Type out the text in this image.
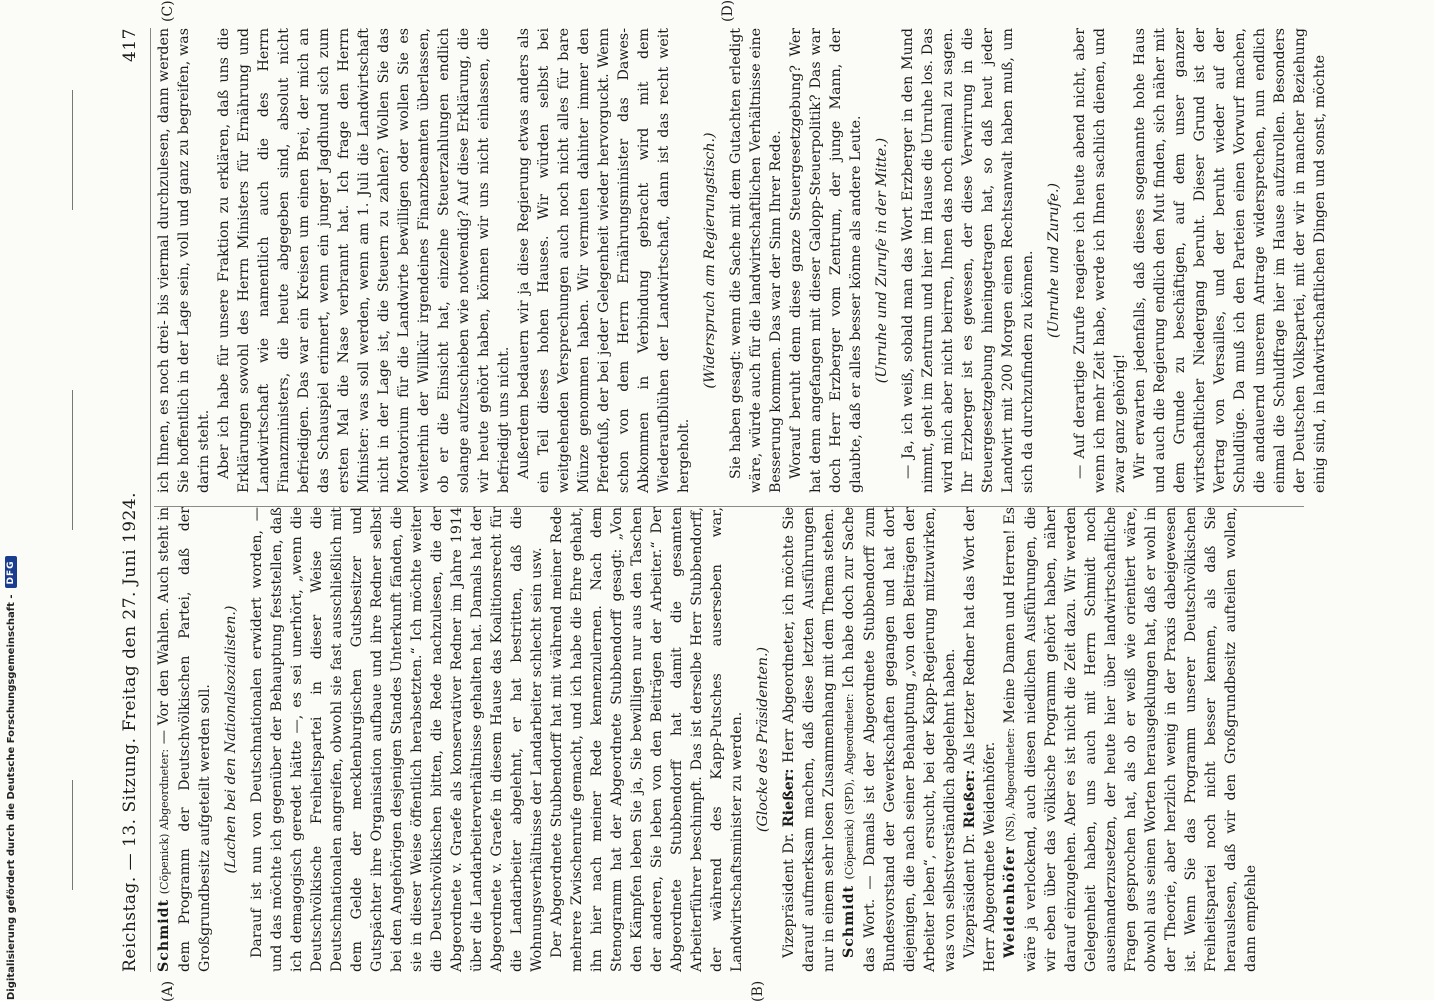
Reichstag. — 13. Sitzung. Freitag den 27. Juni 1924.
417

Schmidt (Cöpenick) Abgeordneter: — Vor den Wahlen. Auch steht in dem Programm der Deutschvölkischen Partei, daß der Großgrundbesitz aufgeteilt werden soll. (Lachen bei den Nationalsozialisten.) Darauf ist nun von Deutschnationalen erwidert worden, — und das möchte ich gegenüber der Behauptung feststellen, daß ich demagogisch geredet hätte —, es sei unerhört, „wenn die Deutschvölkische Freiheitspartei in dieser Weise die Deutschnationalen angreifen, obwohl sie fast ausschließlich mit dem Gelde der mecklenburgischen Gutsbesitzer und Gutspächter ihre Organisation aufbaue und ihre Redner selbst bei den Angehörigen desjenigen Standes Unterkunft fänden, die sie in dieser Weise öffentlich herabsetzten.“ Ich möchte weiter die Deutschvölkischen bitten, die Rede nachzulesen, die der Abgeordnete v. Graefe als konservativer Redner im Jahre 1914 über die Landarbeiterverhältnisse gehalten hat. Damals hat der Abgeordnete v. Graefe in diesem Hause das Koalitionsrecht für die Landarbeiter abgelehnt, er hat bestritten, daß die Wohnungsverhältnisse der Landarbeiter schlecht sein usw. Der Abgeordnete Stubbendorff hat mit während meiner Rede mehrere Zwischenrufe gemacht, und ich habe die Ehre gehabt, ihn hier nach meiner Rede kennenzulernen. Nach dem Stenogramm hat der Abgeordnete Stubbendorff gesagt: „Von den Kämpfen leben Sie ja, Sie bewilligen nur aus den Taschen der anderen, Sie leben von den Beiträgen der Arbeiter.“ Der Abgeordnete Stubbendorff hat damit die gesamten Arbeiterführer beschimpft. Das ist derselbe Herr Stubbendorff, der während des Kapp-Putsches auserseben war, Landwirtschaftsminister zu werden. (Glocke des Präsidenten.)

Vizepräsident Dr. Rießer: Herr Abgeordneter, ich möchte Sie darauf aufmerksam machen, daß diese letzten Ausführungen nur in einem sehr losen Zusammenhang mit dem Thema stehen. Schmidt (Cöpenick) (SPD), Abgeordneter: Ich habe doch zur Sache das Wort. — Damals ist der Abgeordnete Stubbendorff zum Bundesvorstand der Gewerkschaften gegangen und hat dort diejenigen, die nach seiner Behauptung „von den Beiträgen der Arbeiter leben“, ersucht, bei der Kapp-Regierung mitzuwirken, was von selbstverständlich abgelehnt haben. Vizepräsident Dr. Rießer: Als letzter Redner hat das Wort der Herr Abgeordnete Weidenhöfer. Weidenhöfer (NS), Abgeordneter: Meine Damen und Herren! Es wäre ja verlockend, auch diesen niedlichen Ausführungen, die wir eben über das völkische Programm gehört haben, näher darauf einzugehen. Aber es ist nicht die Zeit dazu. Wir werden Gelegenheit haben, uns auch mit Herrn Schmidt noch auseinanderzusetzen, der heute hier über landwirtschaftliche Fragen gesprochen hat, als ob er weiß wie orientiert wäre, obwohl aus seinen Worten herausgeklungen hat, daß er wohl in der Theorie, aber herzlich wenig in der Praxis dabeigewesen ist. Wenn Sie das Programm unserer Deutschvölkischen Freiheitspartei noch nicht besser kennen, als daß Sie herauslesen, daß wir den Großgrundbesitz aufteilen wollen, dann empfehle

ich Ihnen, es noch drei- bis viermal durchzulesen, dann werden Sie hoffentlich in der Lage sein, voll und ganz zu begreifen, was darin steht. Aber ich habe für unsere Fraktion zu erklären, daß uns die Erklärungen sowohl des Herrn Ministers für Ernährung und Landwirtschaft wie namentlich auch die des Herrn Finanzministers, die heute abgegeben sind, absolut nicht befriedigen. Das war ein Kreisen um einen Brei, der mich an das Schauspiel erinnert, wenn ein junger Jagdhund sich zum ersten Mal die Nase verbrannt hat. Ich frage den Herrn Minister: was soll werden, wenn am 1. Juli die Landwirtschaft nicht in der Lage ist, die Steuern zu zahlen? Wollen Sie das Moratorium für die Landwirte bewilligen oder wollen Sie es weiterhin der Willkür irgendeines Finanzbeamten überlassen, ob er die Einsicht hat, einzelne Steuerzahlungen endlich solange aufzuschieben wie notwendig? Auf diese Erklärung, die wir heute gehört haben, können wir uns nicht einlassen, die befriedigt uns nicht. Außerdem bedauern wir ja diese Regierung etwas anders als ein Teil dieses hohen Hauses. Wir würden selbst bei weitgehenden Versprechungen auch noch nicht alles für bare Münze genommen haben. Wir vermuten dahinter immer den Pferdefuß, der bei jeder Gelegenheit wieder hervorguckt. Wenn schon von dem Herrn Ernährungsminister das Dawes-Abkommen in Verbindung gebracht wird mit dem Wiederaufblühen der Landwirtschaft, dann ist das recht weit hergeholt.

(Widerspruch am Regierungstisch.) Sie haben gesagt: wenn die Sache mit dem Gutachten erledigt wäre, würde auch für die landwirtschaftlichen Verhältnisse eine Besserung kommen. Das war der Sinn Ihrer Rede. Worauf beruht denn diese ganze Steuergesetzgebung? Wer hat denn angefangen mit dieser Galopp-Steuerpolitik? Das war doch Herr Erzberger vom Zentrum, der junge Mann, der glaubte, daß er alles besser könne als andere Leute. (Unruhe und Zurufe in der Mitte.) — Ja, ich weiß, sobald man das Wort Erzberger in den Mund nimmt, geht im Zentrum und hier im Hause die Unruhe los. Das wird mich aber nicht beirren, Ihnen das noch einmal zu sagen. Ihr Erzberger ist es gewesen, der diese Verwirrung in die Steuergesetzgebung hineingetragen hat, so daß heut jeder Landwirt mit 200 Morgen einen Rechtsanwalt haben muß, um sich da durchzufinden zu können. (Unruhe und Zurufe.) — Auf derartige Zurufe reagiere ich heute abend nicht, aber wenn ich mehr Zeit habe, werde ich Ihnen sachlich dienen, und zwar ganz gehörig! Wir erwarten jedenfalls, daß dieses sogenannte hohe Haus und auch die Regierung endlich den Mut finden, sich näher mit dem Grunde zu beschäftigen, auf dem unser ganzer wirtschaftlicher Niedergang beruht. Dieser Grund ist der Vertrag von Versailles, und der beruht wieder auf der Schuldlüge. Da muß ich den Parteien einen Vorwurf machen, die andauernd unserem Antrage widersprechen, nun endlich einmal die Schuldfrage hier im Hause aufzurollen. Besonders der Deutschen Volkspartei, mit der wir in mancher Beziehung einig sind, in landwirtschaftlichen Dingen und sonst, möchte

(A)	(B)
(C)	(D)
Digitalisierung gefördert durch die Deutsche Forschungsgemeinschaft -
DFG
